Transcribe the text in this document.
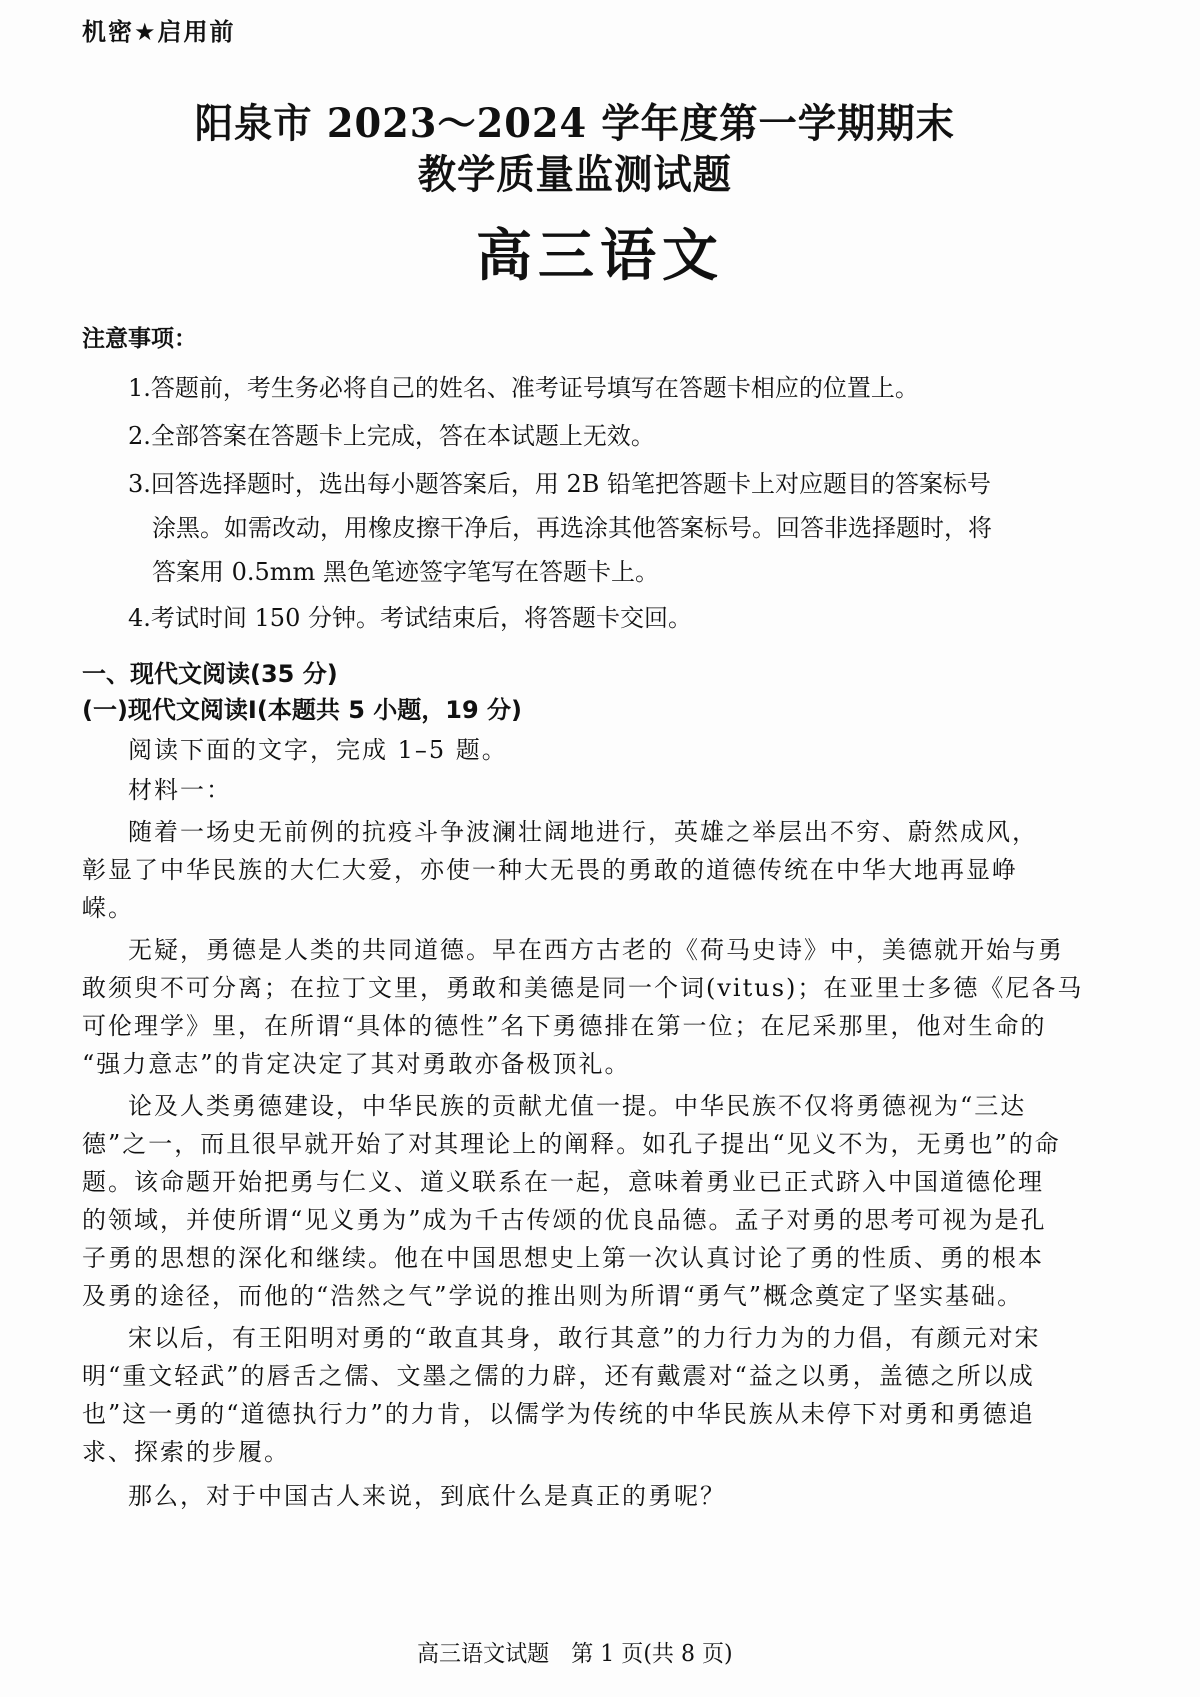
机密★启用前
阳泉市 2023～2024 学年度第一学期期末
教学质量监测试题
高三语文
注意事项：
1.答题前，考生务必将自己的姓名、准考证号填写在答题卡相应的位置上。
2.全部答案在答题卡上完成，答在本试题上无效。
3.回答选择题时，选出每小题答案后，用 2B 铅笔把答题卡上对应题目的答案标号
涂黑。如需改动，用橡皮擦干净后，再选涂其他答案标号。回答非选择题时，将
答案用 0.5mm 黑色笔迹签字笔写在答题卡上。
4.考试时间 150 分钟。考试结束后，将答题卡交回。
一、现代文阅读(35 分)
(一)现代文阅读Ⅰ(本题共 5 小题，19 分)
阅读下面的文字，完成 1–5 题。
材料一：
随着一场史无前例的抗疫斗争波澜壮阔地进行，英雄之举层出不穷、蔚然成风，
彰显了中华民族的大仁大爱，亦使一种大无畏的勇敢的道德传统在中华大地再显峥
嵘。
无疑，勇德是人类的共同道德。早在西方古老的《荷马史诗》中，美德就开始与勇
敢须臾不可分离；在拉丁文里，勇敢和美德是同一个词(vitus)；在亚里士多德《尼各马
可伦理学》里，在所谓“具体的德性”名下勇德排在第一位；在尼采那里，他对生命的
“强力意志”的肯定决定了其对勇敢亦备极顶礼。
论及人类勇德建设，中华民族的贡献尤值一提。中华民族不仅将勇德视为“三达
德”之一，而且很早就开始了对其理论上的阐释。如孔子提出“见义不为，无勇也”的命
题。该命题开始把勇与仁义、道义联系在一起，意味着勇业已正式跻入中国道德伦理
的领域，并使所谓“见义勇为”成为千古传颂的优良品德。孟子对勇的思考可视为是孔
子勇的思想的深化和继续。他在中国思想史上第一次认真讨论了勇的性质、勇的根本
及勇的途径，而他的“浩然之气”学说的推出则为所谓“勇气”概念奠定了坚实基础。
宋以后，有王阳明对勇的“敢直其身，敢行其意”的力行力为的力倡，有颜元对宋
明“重文轻武”的唇舌之儒、文墨之儒的力辟，还有戴震对“益之以勇，盖德之所以成
也”这一勇的“道德执行力”的力肯，以儒学为传统的中华民族从未停下对勇和勇德追
求、探索的步履。
那么，对于中国古人来说，到底什么是真正的勇呢？
高三语文试题　第 1 页(共 8 页)
